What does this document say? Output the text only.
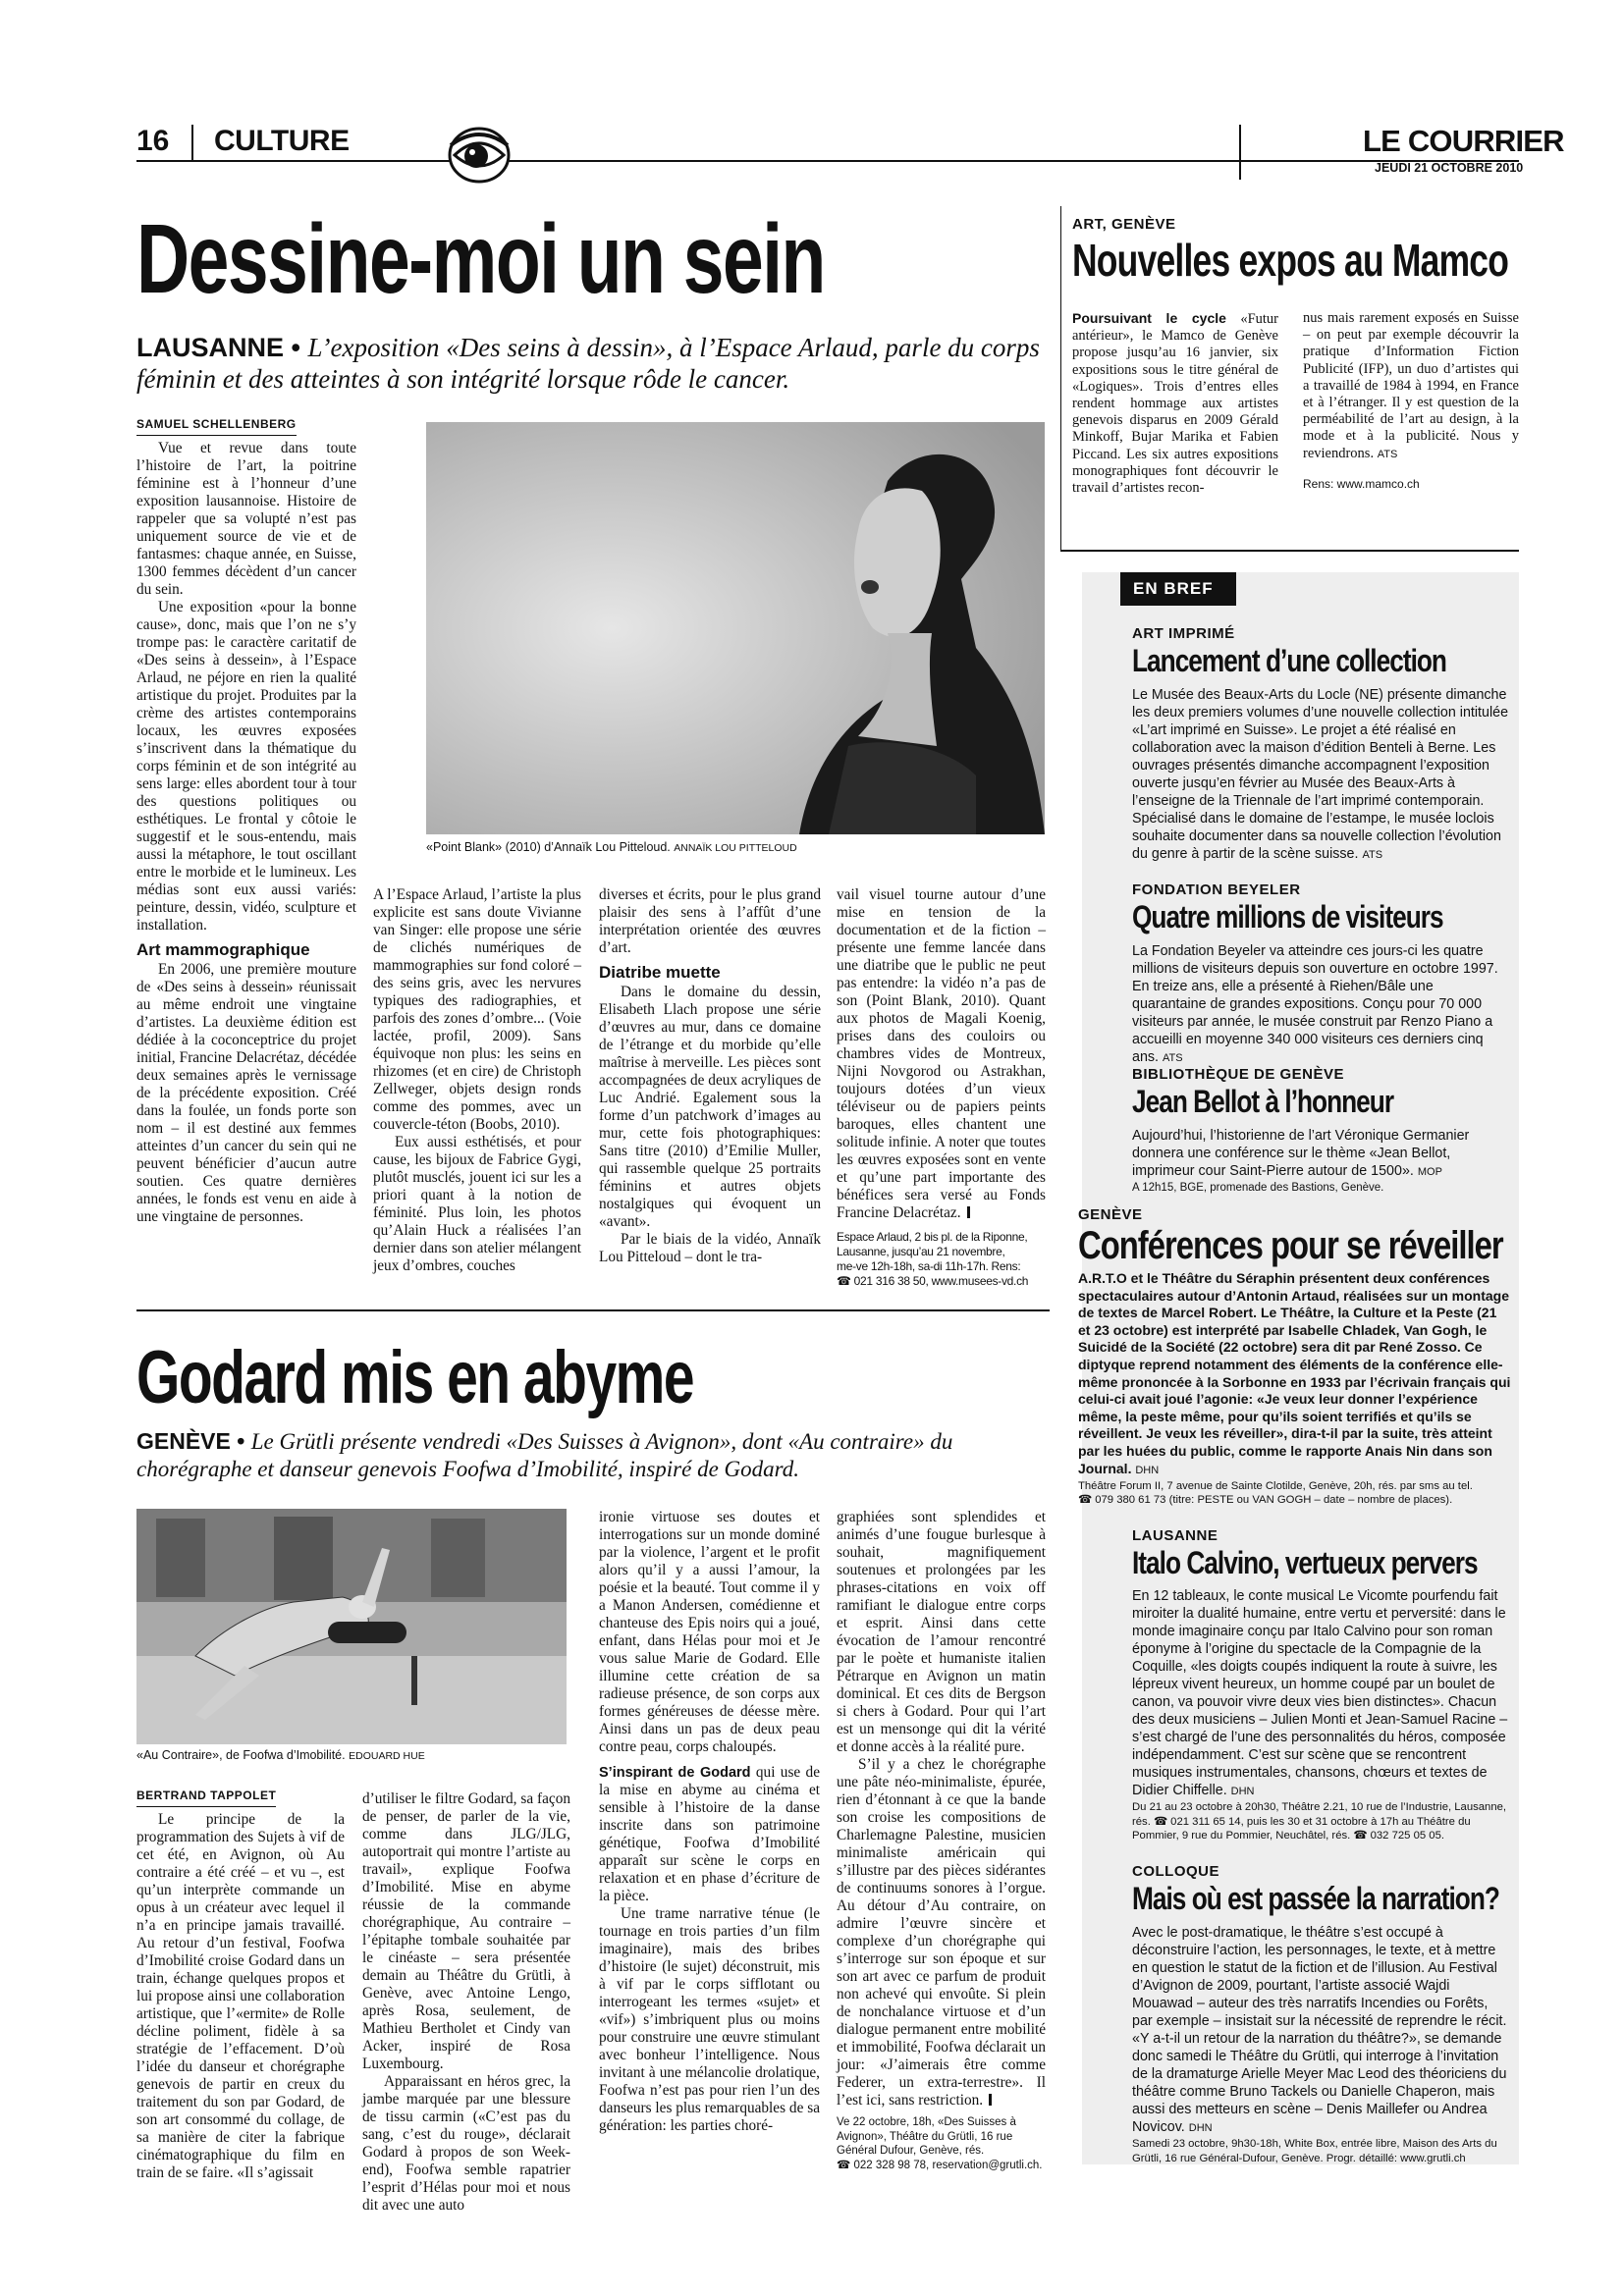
16 CULTURE	LE COURRIER
JEUDI 21 OCTOBRE 2010
Dessine-moi un sein
LAUSANNE • L’exposition «Des seins à dessin», à l’Espace Arlaud, parle du corps féminin et des atteintes à son intégrité lorsque rôde le cancer.
SAMUEL SCHELLENBERG

Vue et revue dans toute l’histoire de l’art, la poitrine féminine est à l’honneur d’une exposition lausannoise. Histoire de rappeler que sa volupté n’est pas uniquement source de vie et de fantasmes: chaque année, en Suisse, 1300 femmes décèdent d’un cancer du sein.

Une exposition «pour la bonne cause», donc, mais que l’on ne s’y trompe pas: le caractère caritatif de «Des seins à dessein», à l’Espace Arlaud, ne péjore en rien la qualité artistique du projet. Produites par la crème des artistes contemporains locaux, les œuvres exposées s’inscrivent dans la thématique du corps féminin et de son intégrité au sens large: elles abordent tour à tour des questions politiques ou esthétiques. Le frontal y côtoie le suggestif et le sous-entendu, mais aussi la métaphore, le tout oscillant entre le morbide et le lumineux. Les médias sont eux aussi variés: peinture, dessin, vidéo, sculpture et installation.

Art mammographique

En 2006, une première mouture de «Des seins à dessein» réunissait au même endroit une vingtaine d’artistes. La deuxième édition est dédiée à la coconceptrice du projet initial, Francine Delacrétaz, décédée deux semaines après le vernissage de la précédente exposition. Créé dans la foulée, un fonds porte son nom – il est destiné aux femmes atteintes d’un cancer du sein qui ne peuvent bénéficier d’aucun autre soutien. Ces quatre dernières années, le fonds est venu en aide à une vingtaine de personnes.

«Point Blank» (2010) d’Annaïk Lou Pitteloud. ANNAÏK LOU PITTELOUD

A l’Espace Arlaud, l’artiste la plus explicite est sans doute Vivianne van Singer: elle propose une série de clichés numériques de mammographies sur fond coloré – des seins gris, avec les nervures typiques des radiographies, et parfois des zones d’ombre... (Voie lactée, profil, 2009). Sans équivoque non plus: les seins en rhizomes (et en cire) de Christoph Zellweger, objets design ronds comme des pommes, avec un couvercle-téton (Boobs, 2010).

Eux aussi esthétisés, et pour cause, les bijoux de Fabrice Gygi, plutôt musclés, jouent ici sur les a priori quant à la notion de féminité. Plus loin, les photos qu’Alain Huck a réalisées l’an dernier dans son atelier mélangent jeux d’ombres, couches

diverses et écrits, pour le plus grand plaisir des sens à l’affût d’une interprétation orientée des œuvres d’art.

Diatribe muette

Dans le domaine du dessin, Elisabeth Llach propose une série d’œuvres au mur, dans ce domaine de l’étrange et du morbide qu’elle maîtrise à merveille. Les pièces sont accompagnées de deux acryliques de Luc Andrié. Egalement sous la forme d’un patchwork d’images au mur, cette fois photographiques: Sans titre (2010) d’Emilie Muller, qui rassemble quelque 25 portraits féminins et autres objets nostalgiques qui évoquent un «avant».

Par le biais de la vidéo, Annaïk Lou Pitteloud – dont le tra-

vail visuel tourne autour d’une mise en tension de la documentation et de la fiction – présente une femme lancée dans une diatribe que le public ne peut pas entendre: la vidéo n’a pas de son (Point Blank, 2010). Quant aux photos de Magali Koenig, prises dans des couloirs ou chambres vides de Montreux, Nijni Novgorod ou Astrakhan, toujours dotées d’un vieux téléviseur ou de papiers peints baroques, elles chantent une solitude infinie. A noter que toutes les œuvres exposées sont en vente et qu’une part importante des bénéfices sera versé au Fonds Francine Delacrétaz.

Espace Arlaud, 2 bis pl. de la Riponne,
Lausanne, jusqu’au 21 novembre,
me-ve 12h-18h, sa-di 11h-17h. Rens:
☎ 021 316 38 50, www.musees-vd.ch
ART, GENÈVE
Nouvelles expos au Mamco

Poursuivant le cycle «Futur antérieur», le Mamco de Genève propose jusqu’au 16 janvier, six expositions sous le titre général de «Logiques». Trois d’entres elles rendent hommage aux artistes genevois disparus en 2009 Gérald Minkoff, Bujar Marika et Fabien Piccand. Les six autres expositions monographiques font découvrir le travail d’artistes recon-

nus mais rarement exposés en Suisse – on peut par exemple découvrir la pratique d’Information Fiction Publicité (IFP), un duo d’artistes qui a travaillé de 1984 à 1994, en France et à l’étranger. Il y est question de la perméabilité de l’art au design, à la mode et à la publicité. Nous y reviendrons. ATS

Rens: www.mamco.ch
EN BREF
ART IMPRIMÉ
Lancement d’une collection
Le Musée des Beaux-Arts du Locle (NE) présente dimanche les deux premiers volumes d’une nouvelle collection intitulée «L’art imprimé en Suisse». Le projet a été réalisé en collaboration avec la maison d’édition Benteli à Berne. Les ouvrages présentés dimanche accompagnent l’exposition ouverte jusqu’en février au Musée des Beaux-Arts à l’enseigne de la Triennale de l’art imprimé contemporain. Spécialisé dans le domaine de l’estampe, le musée loclois souhaite documenter dans sa nouvelle collection l’évolution du genre à partir de la scène suisse. ATS
FONDATION BEYELER
Quatre millions de visiteurs
La Fondation Beyeler va atteindre ces jours-ci les quatre millions de visiteurs depuis son ouverture en octobre 1997. En treize ans, elle a présenté à Riehen/Bâle une quarantaine de grandes expositions. Conçu pour 70 000 visiteurs par année, le musée construit par Renzo Piano a accueilli en moyenne 340 000 visiteurs ces derniers cinq ans. ATS
BIBLIOTHÈQUE DE GENÈVE
Jean Bellot à l’honneur
Aujourd’hui, l’historienne de l’art Véronique Germanier donnera une conférence sur le thème «Jean Bellot, imprimeur cour Saint-Pierre autour de 1500». MOP
A 12h15, BGE, promenade des Bastions, Genève.
GENÈVE
Conférences pour se réveiller
A.R.T.O et le Théâtre du Séraphin présentent deux conférences spectaculaires autour d’Antonin Artaud, réalisées sur un montage de textes de Marcel Robert. Le Théâtre, la Culture et la Peste (21 et 23 octobre) est interprété par Isabelle Chladek, Van Gogh, le Suicidé de la Société (22 octobre) sera dit par René Zosso. Ce diptyque reprend notamment des éléments de la conférence elle-même prononcée à la Sorbonne en 1933 par l’écrivain français qui celui-ci avait joué l’agonie: «Je veux leur donner l’expérience même, la peste même, pour qu’ils soient terrifiés et qu’ils se réveillent. Je veux les réveiller», dira-t-il par la suite, très atteint par les huées du public, comme le rapporte Anais Nin dans son Journal. DHN
Théâtre Forum II, 7 avenue de Sainte Clotilde, Genève, 20h, rés. par sms au tel.
☎ 079 380 61 73 (titre: PESTE ou VAN GOGH – date – nombre de places).
LAUSANNE
Italo Calvino, vertueux pervers
En 12 tableaux, le conte musical Le Vicomte pourfendu fait miroiter la dualité humaine, entre vertu et perversité: dans le monde imaginaire conçu par Italo Calvino pour son roman éponyme à l’origine du spectacle de la Compagnie de la Coquille, «les doigts coupés indiquent la route à suivre, les lépreux vivent heureux, un homme coupé par un boulet de canon, va pouvoir vivre deux vies bien distinctes». Chacun des deux musiciens – Julien Monti et Jean-Samuel Racine – s’est chargé de l’une des personnalités du héros, composée indépendamment. C’est sur scène que se rencontrent musiques instrumentales, chansons, chœurs et textes de Didier Chiffelle. DHN
Du 21 au 23 octobre à 20h30, Théâtre 2.21, 10 rue de l’Industrie, Lausanne, rés. ☎ 021 311 65 14, puis les 30 et 31 octobre à 17h au Théâtre du Pommier, 9 rue du Pommier, Neuchâtel, rés. ☎ 032 725 05 05.
COLLOQUE
Mais où est passée la narration?
Avec le post-dramatique, le théâtre s’est occupé à déconstruire l’action, les personnages, le texte, et à mettre en question le statut de la fiction et de l’illusion. Au Festival d’Avignon de 2009, pourtant, l’artiste associé Wajdi Mouawad – auteur des très narratifs Incendies ou Forêts, par exemple – insistait sur la nécessité de reprendre le récit. «Y a-t-il un retour de la narration du théâtre?», se demande donc samedi le Théâtre du Grütli, qui interroge à l’invitation de la dramaturge Arielle Meyer Mac Leod des théoriciens du théâtre comme Bruno Tackels ou Danielle Chaperon, mais aussi des metteurs en scène – Denis Maillefer ou Andrea Novicov. DHN
Samedi 23 octobre, 9h30-18h, White Box, entrée libre, Maison des Arts du Grütli, 16 rue Général-Dufour, Genève. Progr. détaillé: www.grutli.ch
Godard mis en abyme
GENÈVE • Le Grütli présente vendredi «Des Suisses à Avignon», dont «Au contraire» du chorégraphe et danseur genevois Foofwa d’Imobilité, inspiré de Godard.
«Au Contraire», de Foofwa d’Imobilité. EDOUARD HUE
BERTRAND TAPPOLET

Le principe de la programmation des Sujets à vif de cet été, en Avignon, où Au contraire a été créé – et vu –, est qu’un interprète commande un opus à un créateur avec lequel il n’a en principe jamais travaillé. Au retour d’un festival, Foofwa d’Imobilité croise Godard dans un train, échange quelques propos et lui propose ainsi une collaboration artistique, que l’«ermite» de Rolle décline poliment, fidèle à sa stratégie de l’effacement. D’où l’idée du danseur et chorégraphe genevois de partir en creux du traitement du son par Godard, de son art consommé du collage, de sa manière de citer la fabrique cinématographique du film en train de se faire. «Il s’agissait

d’utiliser le filtre Godard, sa façon de penser, de parler de la vie, comme dans JLG/JLG, autoportrait qui montre l’artiste au travail», explique Foofwa d’Imobilité. Mise en abyme réussie de la commande chorégraphique, Au contraire – l’épitaphe tombale souhaitée par le cinéaste – sera présentée demain au Théâtre du Grütli, à Genève, avec Antoine Lengo, après Rosa, seulement, de Mathieu Bertholet et Cindy van Acker, inspiré de Rosa Luxembourg.

Apparaissant en héros grec, la jambe marquée par une blessure de tissu carmin («C’est pas du sang, c’est du rouge», déclarait Godard à propos de son Week-end), Foofwa semble rapatrier l’esprit d’Hélas pour moi et nous dit avec une auto

ironie virtuose ses doutes et interrogations sur un monde dominé par la violence, l’argent et le profit alors qu’il y a aussi l’amour, la poésie et la beauté. Tout comme il y a Manon Andersen, comédienne et chanteuse des Epis noirs qui a joué, enfant, dans Hélas pour moi et Je vous salue Marie de Godard. Elle illumine cette création de sa radieuse présence, de son corps aux formes généreuses de déesse mère. Ainsi dans un pas de deux peau contre peau, corps chaloupés.

S’inspirant de Godard qui use de la mise en abyme au cinéma et sensible à l’histoire de la danse inscrite dans son patrimoine génétique, Foofwa d’Imobilité apparaît sur scène le corps en relaxation et en phase d’écriture de la pièce.

Une trame narrative ténue (le tournage en trois parties d’un film imaginaire), mais des bribes d’histoire (le sujet) déconstruit, mis à vif par le corps sifflotant ou interrogeant les termes «sujet» et «vif») s’imbriquent plus ou moins pour construire une œuvre stimulant avec bonheur l’intelligence. Nous invitant à une mélancolie drolatique, Foofwa n’est pas pour rien l’un des danseurs les plus remarquables de sa génération: les parties choré-

graphiées sont splendides et animés d’une fougue burlesque à souhait, magnifiquement soutenues et prolongées par les phrases-citations en voix off ramifiant le dialogue entre corps et esprit. Ainsi dans cette évocation de l’amour rencontré par le poète et humaniste italien Pétrarque en Avignon un matin dominical. Et ces dits de Bergson si chers à Godard. Pour qui l’art est un mensonge qui dit la vérité et donne accès à la réalité pure.

S’il y a chez le chorégraphe une pâte néo-minimaliste, épurée, rien d’étonnant à ce que la bande son croise les compositions de Charlemagne Palestine, musicien minimaliste américain qui s’illustre par des pièces sidérantes de continuums sonores à l’orgue. Au détour d’Au contraire, on admire l’œuvre sincère et complexe d’un chorégraphe qui s’interroge sur son époque et sur son art avec ce parfum de produit non achevé qui envoûte. Si plein de nonchalance virtuose et d’un dialogue permanent entre mobilité et immobilité, Foofwa déclarait un jour: «J’aimerais être comme Federer, un extra-terrestre». Il l’est ici, sans restriction.

Ve 22 octobre, 18h, «Des Suisses à
Avignon», Théâtre du Grütli, 16 rue
Général Dufour, Genève, rés.
☎ 022 328 98 78, reservation@grutli.ch.
